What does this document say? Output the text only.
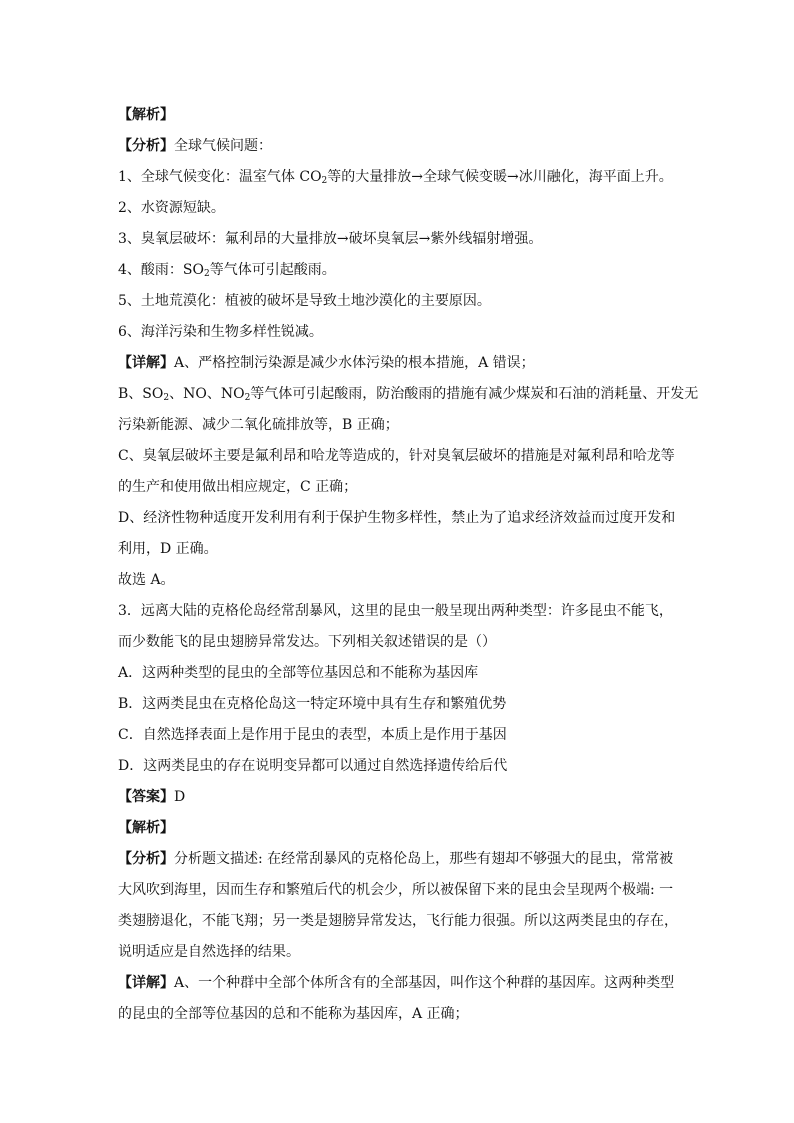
【解析】
【分析】全球气候问题：
1、全球气候变化：温室气体 $CO_2$等的大量排放→全球气候变暖→冰川融化，海平面上升。
2、水资源短缺。
3、臭氧层破坏：氟利昂的大量排放→破坏臭氧层→紫外线辐射增强。
4、酸雨：$SO_2$等气体可引起酸雨。
5、土地荒漠化：植被的破坏是导致土地沙漠化的主要原因。
6、海洋污染和生物多样性锐减。
【详解】A、严格控制污染源是减少水体污染的根本措施，A 错误；
B、$SO_2$、NO、$NO_2$等气体可引起酸雨，防治酸雨的措施有减少煤炭和石油的消耗量、开发无
污染新能源、减少二氧化硫排放等，B 正确；
C、臭氧层破坏主要是氟利昂和哈龙等造成的，针对臭氧层破坏的措施是对氟利昂和哈龙等
的生产和使用做出相应规定，C 正确；
D、经济性物种适度开发利用有利于保护生物多样性，禁止为了追求经济效益而过度开发和
利用，D 正确。
故选 A。
3．远离大陆的克格伦岛经常刮暴风，这里的昆虫一般呈现出两种类型：许多昆虫不能飞，
而少数能飞的昆虫翅膀异常发达。下列相关叙述错误的是（）
A．这两种类型的昆虫的全部等位基因总和不能称为基因库
B．这两类昆虫在克格伦岛这一特定环境中具有生存和繁殖优势
C．自然选择表面上是作用于昆虫的表型，本质上是作用于基因
D．这两类昆虫的存在说明变异都可以通过自然选择遗传给后代
【答案】D
【解析】
【分析】分析题文描述: 在经常刮暴风的克格伦岛上，那些有翅却不够强大的昆虫，常常被
大风吹到海里，因而生存和繁殖后代的机会少，所以被保留下来的昆虫会呈现两个极端: 一
类翅膀退化，不能飞翔；另一类是翅膀异常发达，飞行能力很强。所以这两类昆虫的存在，
说明适应是自然选择的结果。
【详解】A、一个种群中全部个体所含有的全部基因，叫作这个种群的基因库。这两种类型
的昆虫的全部等位基因的总和不能称为基因库，A 正确；
